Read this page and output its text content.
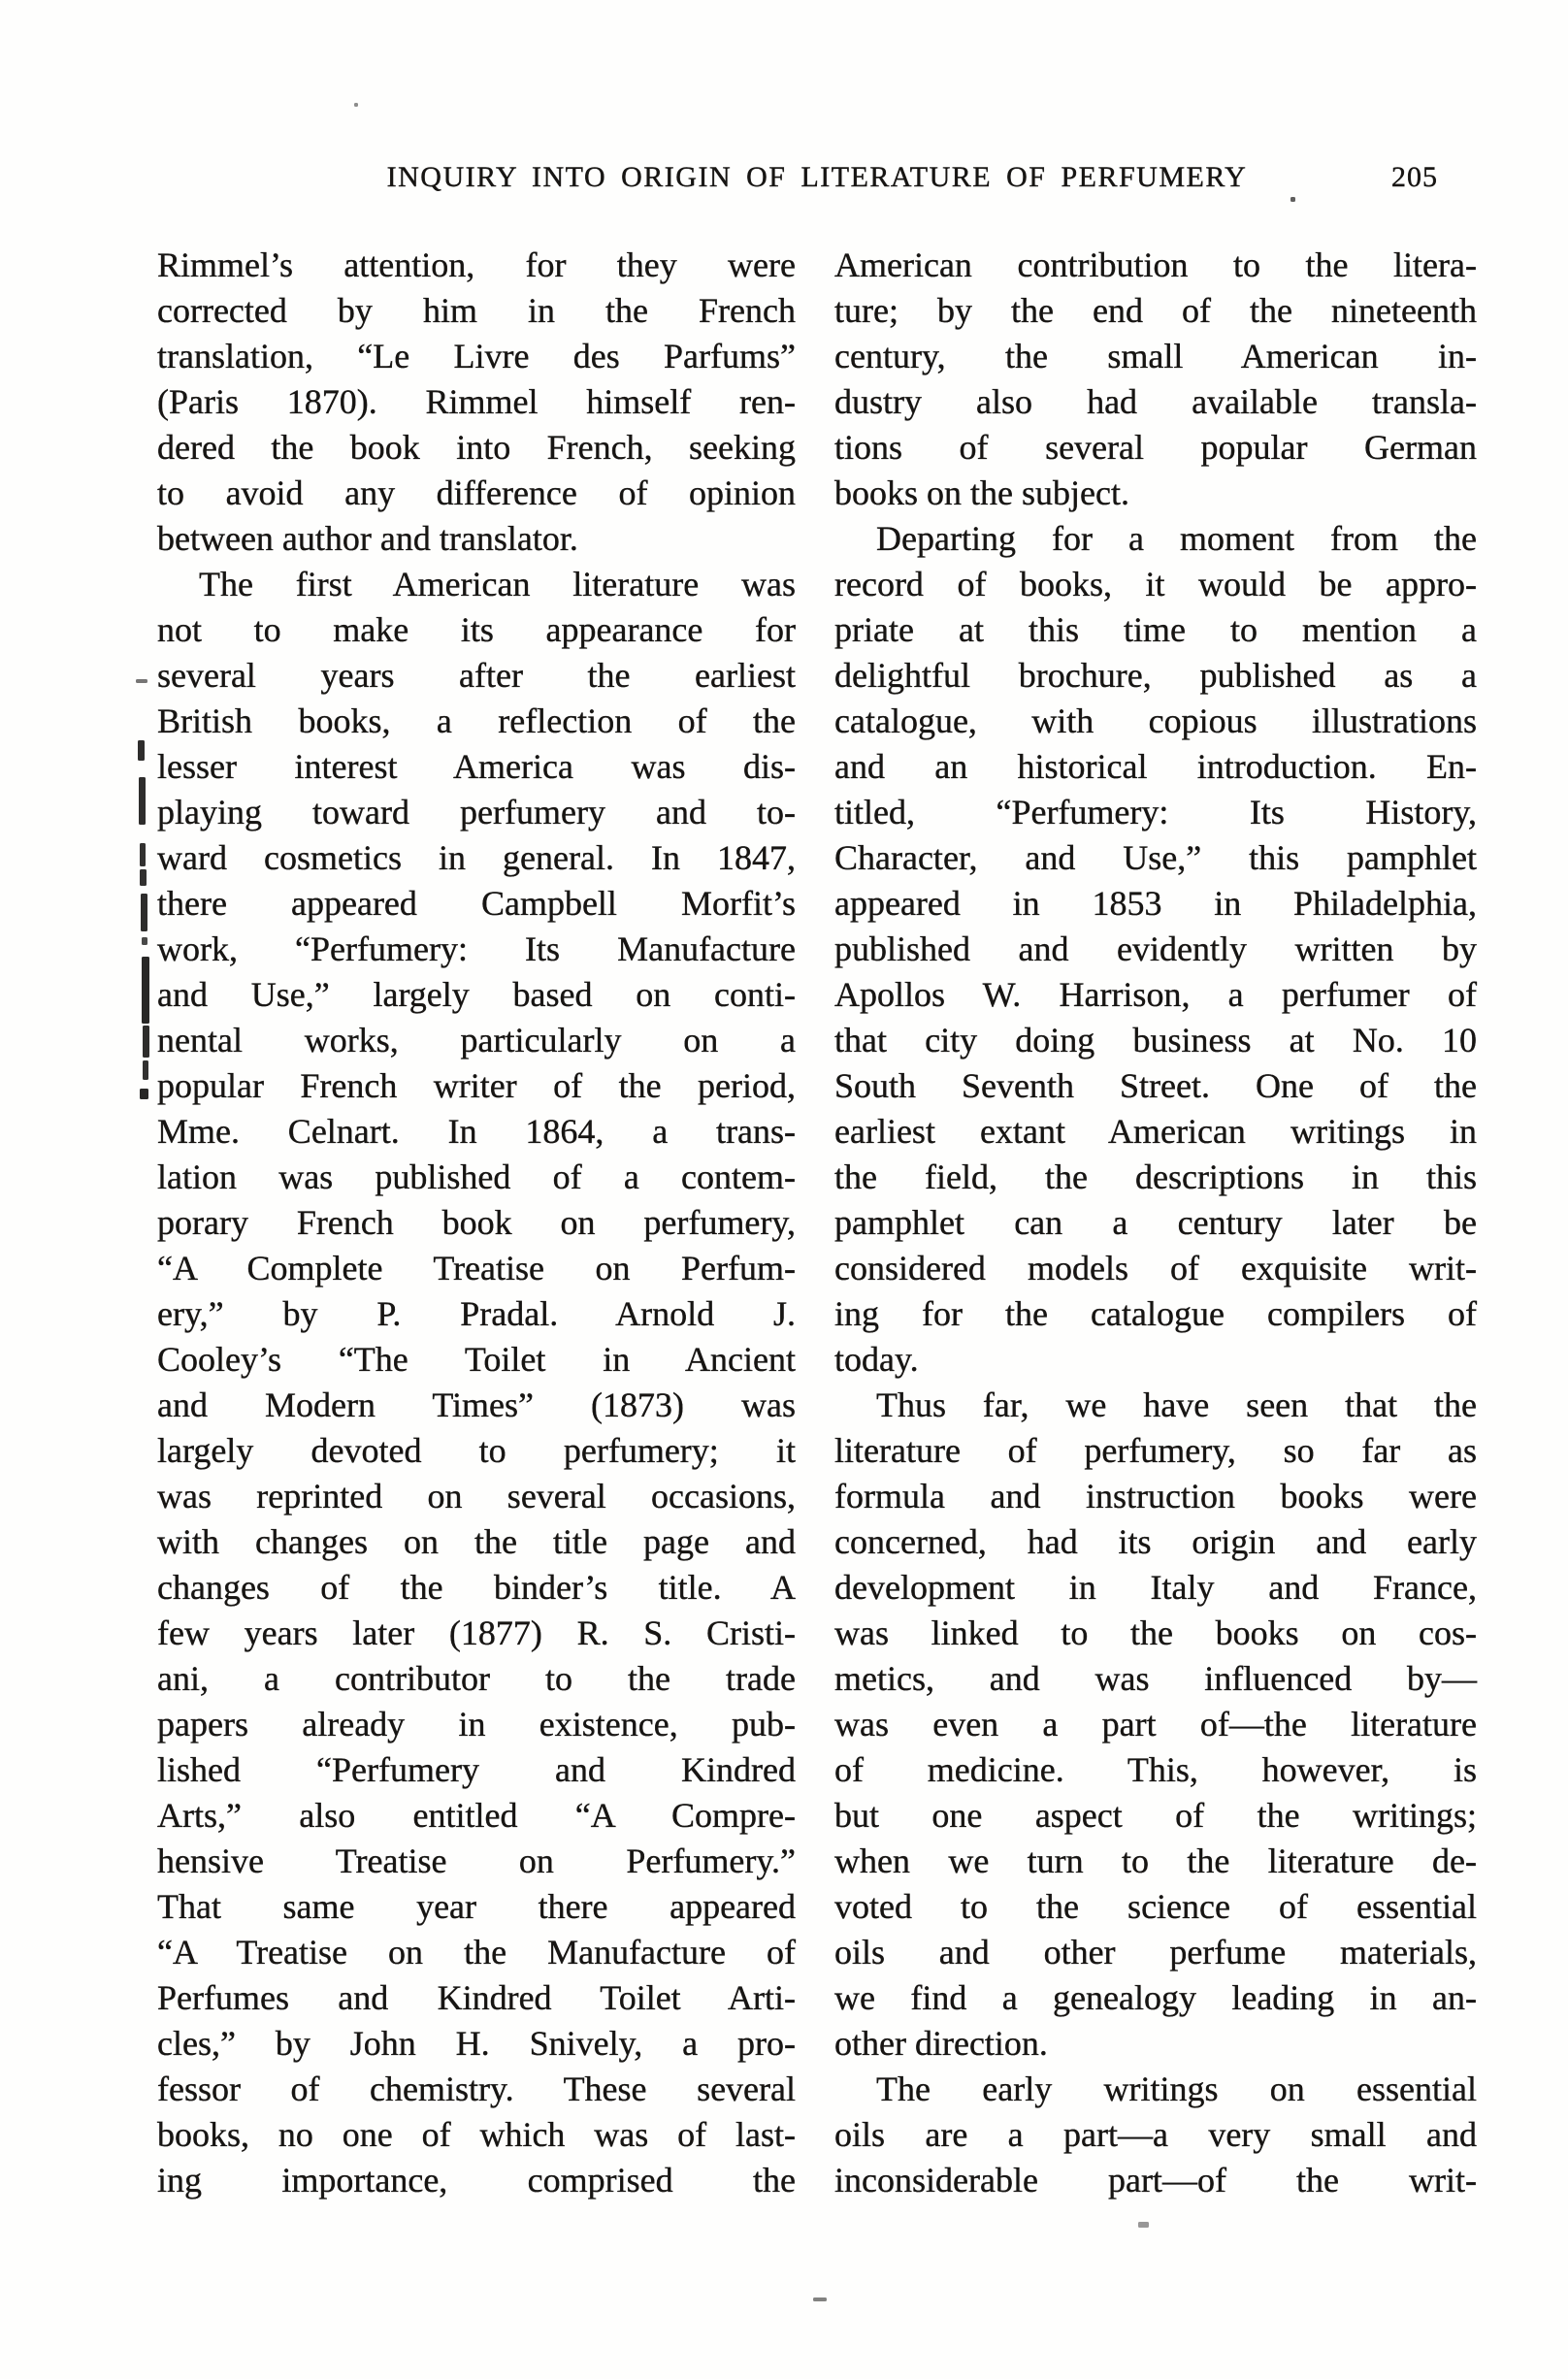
INQUIRY INTO ORIGIN OF LITERATURE OF PERFUMERY	205
Rimmel’s attention, for they were
corrected by him in the French
translation, “Le Livre des Parfums”
(Paris 1870). Rimmel himself ren-
dered the book into French, seeking
to avoid any difference of opinion
between author and translator.
The first American literature was
not to make its appearance for
several years after the earliest
British books, a reflection of the
lesser interest America was dis-
playing toward perfumery and to-
ward cosmetics in general. In 1847,
there appeared Campbell Morfit’s
work, “Perfumery: Its Manufacture
and Use,” largely based on conti-
nental works, particularly on a
popular French writer of the period,
Mme. Celnart. In 1864, a trans-
lation was published of a contem-
porary French book on perfumery,
“A Complete Treatise on Perfum-
ery,” by P. Pradal. Arnold J.
Cooley’s “The Toilet in Ancient
and Modern Times” (1873) was
largely devoted to perfumery; it
was reprinted on several occasions,
with changes on the title page and
changes of the binder’s title. A
few years later (1877) R. S. Cristi-
ani, a contributor to the trade
papers already in existence, pub-
lished “Perfumery and Kindred
Arts,” also entitled “A Compre-
hensive Treatise on Perfumery.”
That same year there appeared
“A Treatise on the Manufacture of
Perfumes and Kindred Toilet Arti-
cles,” by John H. Snively, a pro-
fessor of chemistry. These several
books, no one of which was of last-
ing importance, comprised the
American contribution to the litera-
ture; by the end of the nineteenth
century, the small American in-
dustry also had available transla-
tions of several popular German
books on the subject.
Departing for a moment from the
record of books, it would be appro-
priate at this time to mention a
delightful brochure, published as a
catalogue, with copious illustrations
and an historical introduction. En-
titled, “Perfumery: Its History,
Character, and Use,” this pamphlet
appeared in 1853 in Philadelphia,
published and evidently written by
Apollos W. Harrison, a perfumer of
that city doing business at No. 10
South Seventh Street. One of the
earliest extant American writings in
the field, the descriptions in this
pamphlet can a century later be
considered models of exquisite writ-
ing for the catalogue compilers of
today.
Thus far, we have seen that the
literature of perfumery, so far as
formula and instruction books were
concerned, had its origin and early
development in Italy and France,
was linked to the books on cos-
metics, and was influenced by—
was even a part of—the literature
of medicine. This, however, is
but one aspect of the writings;
when we turn to the literature de-
voted to the science of essential
oils and other perfume materials,
we find a genealogy leading in an-
other direction.
The early writings on essential
oils are a part—a very small and
inconsiderable part—of the writ-
